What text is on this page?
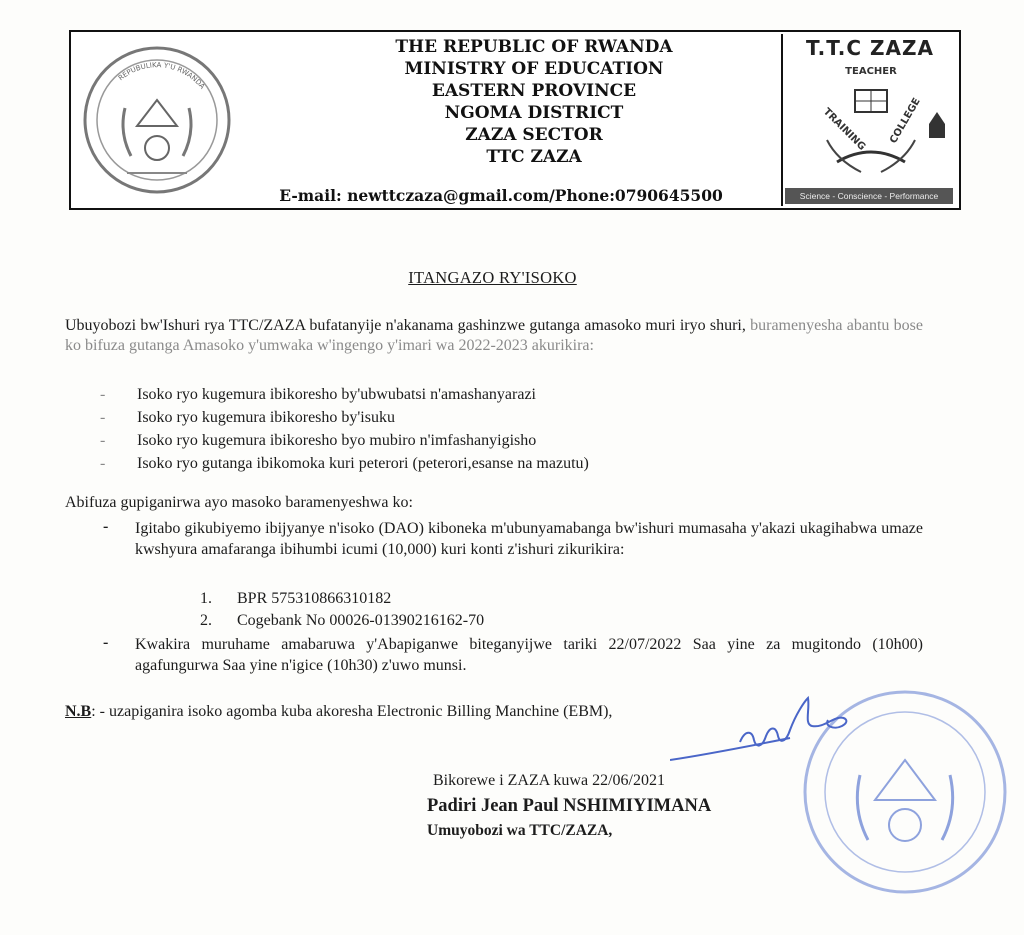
REPUBULIKA Y'U RWANDA
THE REPUBLIC OF RWANDA
MINISTRY OF EDUCATION
EASTERN PROVINCE
NGOMA DISTRICT
ZAZA SECTOR
TTC ZAZA
E-mail: newttczaza@gmail.com/Phone:0790645500
T.T.C ZAZA
TEACHER
TRAINING COLLEGE
Science - Conscience - Performance
ITANGAZO RY'ISOKO
Ubuyobozi bw'Ishuri rya TTC/ZAZA bufatanyije n'akanama gashinzwe gutanga amasoko muri iryo shuri, buramenyesha abantu bose ko bifuza gutanga Amasoko y'umwaka w'ingengo y'imari wa 2022-2023 akurikira:
- Isoko ryo kugemura ibikoresho by'ubwubatsi n'amashanyarazi
- Isoko ryo kugemura ibikoresho by'isuku
- Isoko ryo kugemura ibikoresho byo mubiro n'imfashanyigisho
- Isoko ryo gutanga ibikomoka kuri peterori (peterori,esanse na mazutu)
Abifuza gupiganirwa ayo masoko baramenyeshwa ko:
- Igitabo gikubiyemo ibijyanye n'isoko (DAO) kiboneka m'ubunyamabanga bw'ishuri mumasaha y'akazi ukagihabwa umaze kwshyura amafaranga ibihumbi icumi (10,000) kuri konti z'ishuri zikurikira:
1. BPR 575310866310182
2. Cogebank No 00026-01390216162-70
- Kwakira muruhame amabaruwa y'Abapiganwe biteganyijwe tariki 22/07/2022 Saa yine za mugitondo (10h00) agafungurwa Saa yine n'igice (10h30) z'uwo munsi.
N.B: - uzapiganira isoko agomba kuba akoresha Electronic Billing Manchine (EBM),
Bikorewe i ZAZA kuwa 22/06/2021
Padiri Jean Paul NSHIMIYIMANA
Umuyobozi wa TTC/ZAZA,
